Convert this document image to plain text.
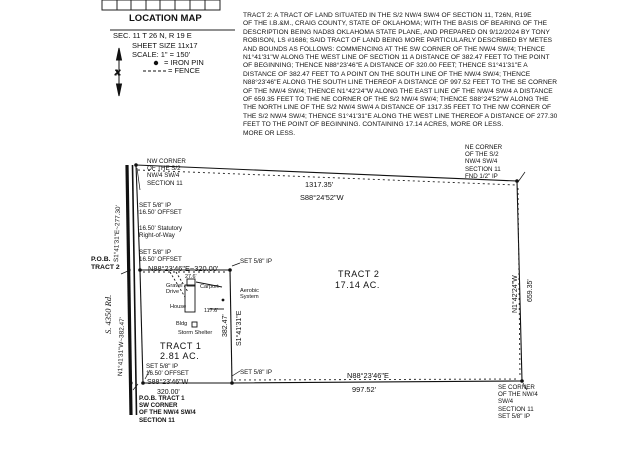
x
LOCATION MAP
SEC. 11 T 26 N, R 19 E
SHEET SIZE 11x17
SCALE: 1" = 150'
= IRON PIN
= FENCE
TRACT 2: A TRACT OF LAND SITUATED IN THE S/2 NW/4 SW/4 OF SECTION 11, T26N, R19E
OF THE I.B.&M., CRAIG COUNTY, STATE OF OKLAHOMA; WITH THE BASIS OF BEARING OF THE
DESCRIPTION BEING NAD83 OKLAHOMA STATE PLANE, AND PREPARED ON 9/12/2024 BY TONY
ROBISON, LS #1686; SAID TRACT OF LAND BEING MORE PARTICULARLY DESCRIBED BY METES
AND BOUNDS AS FOLLOWS: COMMENCING AT THE SW CORNER OF THE NW/4 SW/4; THENCE
N1°41'31"W ALONG THE WEST LINE OF SECTION 11 A DISTANCE OF 382.47 FEET TO THE POINT
OF BEGINNING; THENCE N88°23'46"E A DISTANCE OF 320.00 FEET; THENCE S1°41'31"E A
DISTANCE OF 382.47 FEET TO A POINT ON THE SOUTH LINE OF THE NW/4 SW/4; THENCE
N88°23'46"E ALONG THE SOUTH LINE THEREOF A DISTANCE OF 997.52 FEET TO THE SE CORNER
OF THE NW/4 SW/4; THENCE N1°42'24"W ALONG THE EAST LINE OF THE NW/4 SW/4 A DISTANCE
OF 659.35 FEET TO THE NE CORNER OF THE S/2 NW/4 SW/4; THENCE S88°24'52"W ALONG THE
THE NORTH LINE OF THE S/2 NW/4 SW/4 A DISTANCE OF 1317.35 FEET TO THE NW CORNER OF
THE S/2 NW/4 SW/4; THENCE S1°41'31"E ALONG THE WEST LINE THEREOF A DISTANCE OF 277.30
FEET TO THE POINT OF BEGINNING. CONTAINING 17.14 ACRES, MORE OR LESS.
MORE OR LESS.
NW CORNER
OF THE S/2
NW/4 SW/4
SECTION 11
NE CORNER
OF THE S/2
NW/4 SW/4
SECTION 11
FND 1/2" IP
1317.35'
S88°24'52"W
SET 5/8" IP
16.50' OFFSET
16.50' Statutory
Right-of-Way
S1°41'31"E~277.30'	SET 5/8" IP
16.50' OFFSET
P.O.B.
TRACT 2	N88°23'46"E~320.00'
SET 5/8" IP
Gravel
Drive
27.6'
Carport
House
117.6'
Bldg
Storm Shelter
Aerobic
System
382.47' S1°41'31"E
TRACT 2
17.14 AC.	N1°42'24"W 659.35'
S. 4350 Rd.
N1°41'31"W~382.47'	TRACT 1
2.81 AC.
SET 5/8" IP
16.50' OFFSET
S88°23'46"W
320.00'
SET 5/8" IP	N88°23'46"E
997.52'
P.O.B. TRACT 1
SW CORNER
OF THE NW/4 SW/4
SECTION 11
SE CORNER
OF THE NW/4
SW/4
SECTION 11
SET 5/8" IP
